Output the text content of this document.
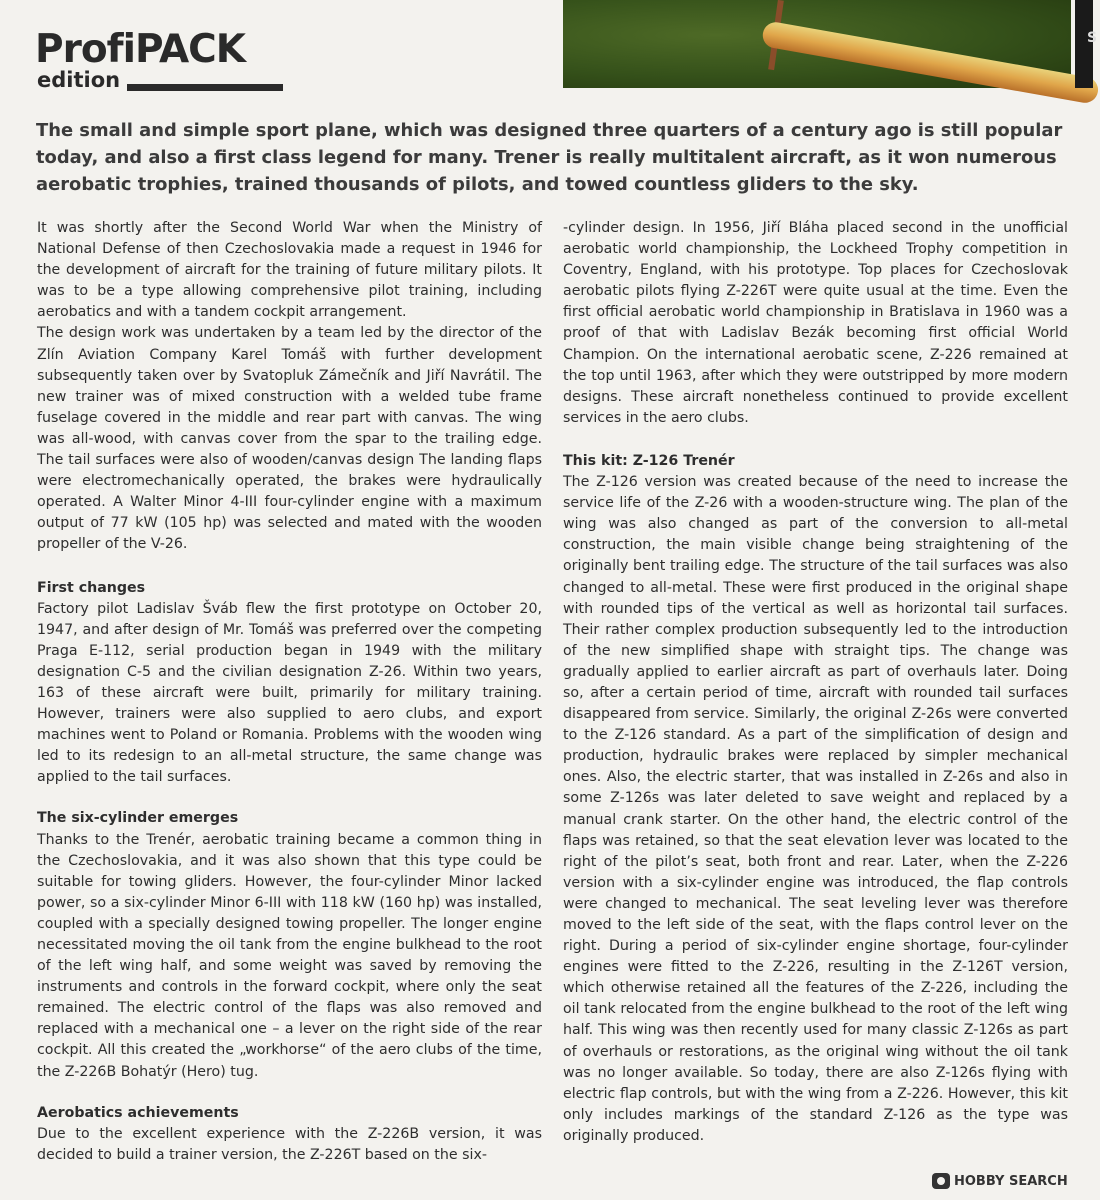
ProfiPACK
edition
S

The small and simple sport plane, which was designed three quarters of a century ago is still popular today, and also a first class legend for many. Trener is really multitalent aircraft, as it won numerous aerobatic trophies, trained thousands of pilots, and towed countless gliders to the sky.

It was shortly after the Second World War when the Ministry of National Defense of then Czechoslovakia made a request in 1946 for the development of aircraft for the training of future military pilots. It was to be a type allowing comprehensive pilot training, including aerobatics and with a tandem cockpit arrangement.

The design work was undertaken by a team led by the director of the Zlín Aviation Company Karel Tomáš with further development subsequently taken over by Svatopluk Zámečník and Jiří Navrátil. The new trainer was of mixed construction with a welded tube frame fuselage covered in the middle and rear part with canvas. The wing was all-wood, with canvas cover from the spar to the trailing edge. The tail surfaces were also of wooden/canvas design The landing flaps were electromechanically operated, the brakes were hydraulically operated. A Walter Minor 4-III four-cylinder engine with a maximum output of 77 kW (105 hp) was selected and mated with the wooden propeller of the V-26.

First changes

Factory pilot Ladislav Šváb flew the first prototype on October 20, 1947, and after design of Mr. Tomáš was preferred over the competing Praga E-112, serial production began in 1949 with the military designation C-5 and the civilian designation Z-26. Within two years, 163 of these aircraft were built, primarily for military training. However, trainers were also supplied to aero clubs, and export machines went to Poland or Romania. Problems with the wooden wing led to its redesign to an all-metal structure, the same change was applied to the tail surfaces.

The six-cylinder emerges

Thanks to the Trenér, aerobatic training became a common thing in the Czechoslovakia, and it was also shown that this type could be suitable for towing gliders. However, the four-cylinder Minor lacked power, so a six-cylinder Minor 6-III with 118 kW (160 hp) was installed, coupled with a specially designed towing propeller. The longer engine necessitated moving the oil tank from the engine bulkhead to the root of the left wing half, and some weight was saved by removing the instruments and controls in the forward cockpit, where only the seat remained. The electric control of the flaps was also removed and replaced with a mechanical one – a lever on the right side of the rear cockpit. All this created the „workhorse“ of the aero clubs of the time, the Z-226B Bohatýr (Hero) tug.

Aerobatics achievements

Due to the excellent experience with the Z-226B version, it was decided to build a trainer version, the Z-226T based on the six-

-cylinder design. In 1956, Jiří Bláha placed second in the unofficial aerobatic world championship, the Lockheed Trophy competition in Coventry, England, with his prototype. Top places for Czechoslovak aerobatic pilots flying Z-226T were quite usual at the time. Even the first official aerobatic world championship in Bratislava in 1960 was a proof of that with Ladislav Bezák becoming first official World Champion. On the international aerobatic scene, Z-226 remained at the top until 1963, after which they were outstripped by more modern designs. These aircraft nonetheless continued to provide excellent services in the aero clubs.

This kit: Z-126 Trenér

The Z-126 version was created because of the need to increase the service life of the Z-26 with a wooden-structure wing. The plan of the wing was also changed as part of the conversion to all-metal construction, the main visible change being straightening of the originally bent trailing edge. The structure of the tail surfaces was also changed to all-metal. These were first produced in the original shape with rounded tips of the vertical as well as horizontal tail surfaces. Their rather complex production subsequently led to the introduction of the new simplified shape with straight tips. The change was gradually applied to earlier aircraft as part of overhauls later. Doing so, after a certain period of time, aircraft with rounded tail surfaces disappeared from service. Similarly, the original Z-26s were converted to the Z-126 standard. As a part of the simplification of design and production, hydraulic brakes were replaced by simpler mechanical ones. Also, the electric starter, that was installed in Z-26s and also in some Z-126s was later deleted to save weight and replaced by a manual crank starter. On the other hand, the electric control of the flaps was retained, so that the seat elevation lever was located to the right of the pilot’s seat, both front and rear. Later, when the Z-226 version with a six-cylinder engine was introduced, the flap controls were changed to mechanical. The seat leveling lever was therefore moved to the left side of the seat, with the flaps control lever on the right. During a period of six-cylinder engine shortage, four-cylinder engines were fitted to the Z-226, resulting in the Z-126T version, which otherwise retained all the features of the Z-226, including the oil tank relocated from the engine bulkhead to the root of the left wing half. This wing was then recently used for many classic Z-126s as part of overhauls or restorations, as the original wing without the oil tank was no longer available. So today, there are also Z-126s flying with electric flap controls, but with the wing from a Z-226. However, this kit only includes markings of the standard Z-126 as the type was originally produced.

HOBBY SEARCH
